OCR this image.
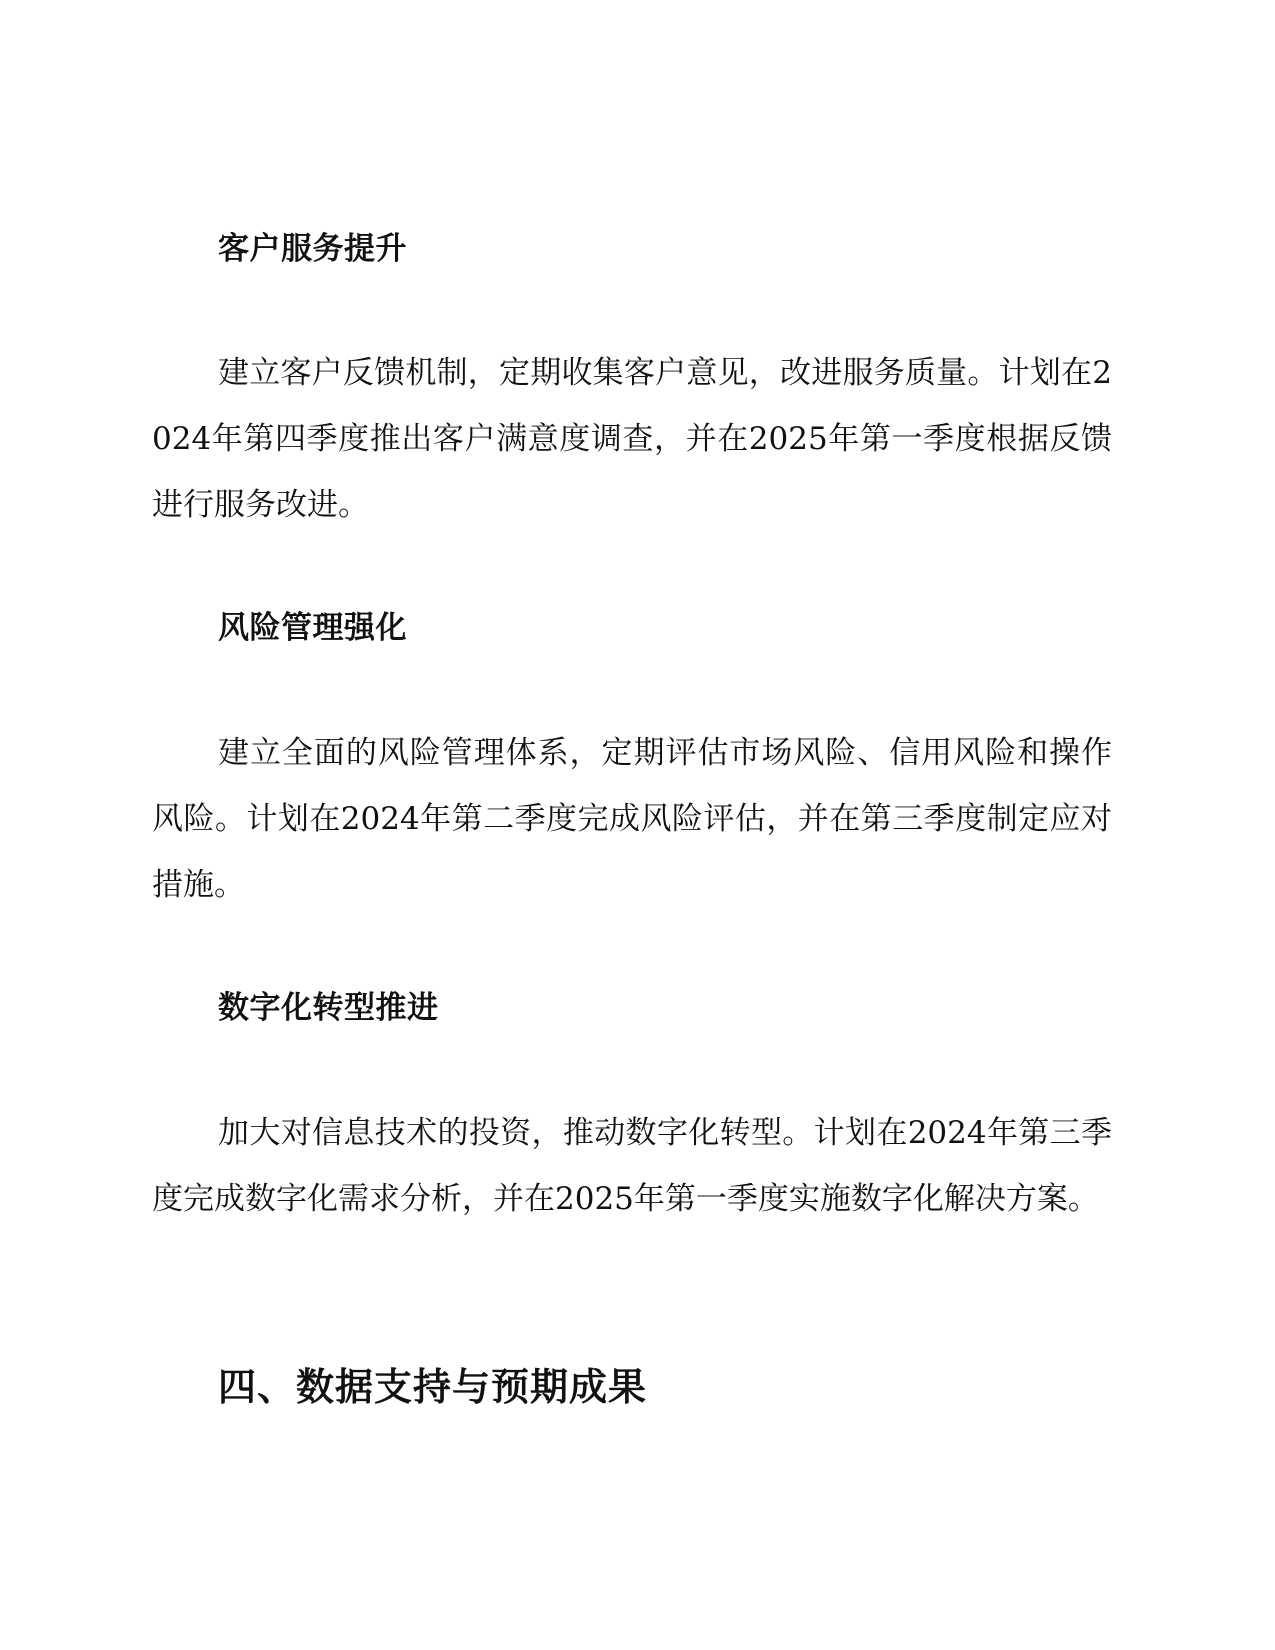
客户服务提升

建立客户反馈机制，定期收集客户意见，改进服务质量。计划在2024年第四季度推出客户满意度调查，并在2025年第一季度根据反馈进行服务改进。

风险管理强化

建立全面的风险管理体系，定期评估市场风险、信用风险和操作风险。计划在2024年第二季度完成风险评估，并在第三季度制定应对措施。

数字化转型推进

加大对信息技术的投资，推动数字化转型。计划在2024年第三季度完成数字化需求分析，并在2025年第一季度实施数字化解决方案。

四、数据支持与预期成果
